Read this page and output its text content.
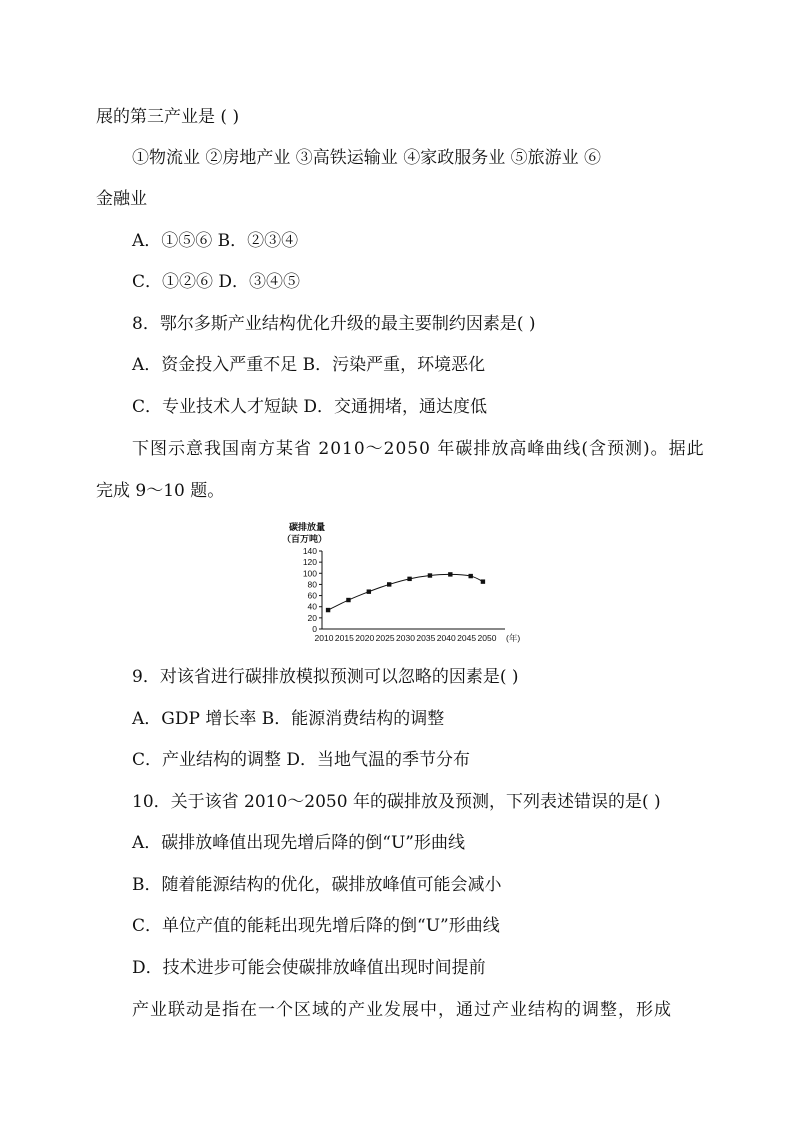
展的第三产业是 ( )
①物流业 ②房地产业 ③高铁运输业 ④家政服务业 ⑤旅游业 ⑥
金融业
A．①⑤⑥ B．②③④
C．①②⑥ D．③④⑤
8．鄂尔多斯产业结构优化升级的最主要制约因素是( )
A．资金投入严重不足 B．污染严重，环境恶化
C．专业技术人才短缺 D．交通拥堵，通达度低
下图示意我国南方某省 2010～2050 年碳排放高峰曲线(含预测)。据此
完成 9～10 题。
碳排放量
（百万吨）
0
20
40
60
80
100
120
140
2010 2015 2020 2025 2030 2035 2040 2045 2050 (年)
9．对该省进行碳排放模拟预测可以忽略的因素是( )
A．GDP 增长率 B．能源消费结构的调整
C．产业结构的调整 D．当地气温的季节分布
10．关于该省 2010～2050 年的碳排放及预测，下列表述错误的是( )
A．碳排放峰值出现先增后降的倒“U”形曲线
B．随着能源结构的优化，碳排放峰值可能会减小
C．单位产值的能耗出现先增后降的倒“U”形曲线
D．技术进步可能会使碳排放峰值出现时间提前
产业联动是指在一个区域的产业发展中，通过产业结构的调整，形成
